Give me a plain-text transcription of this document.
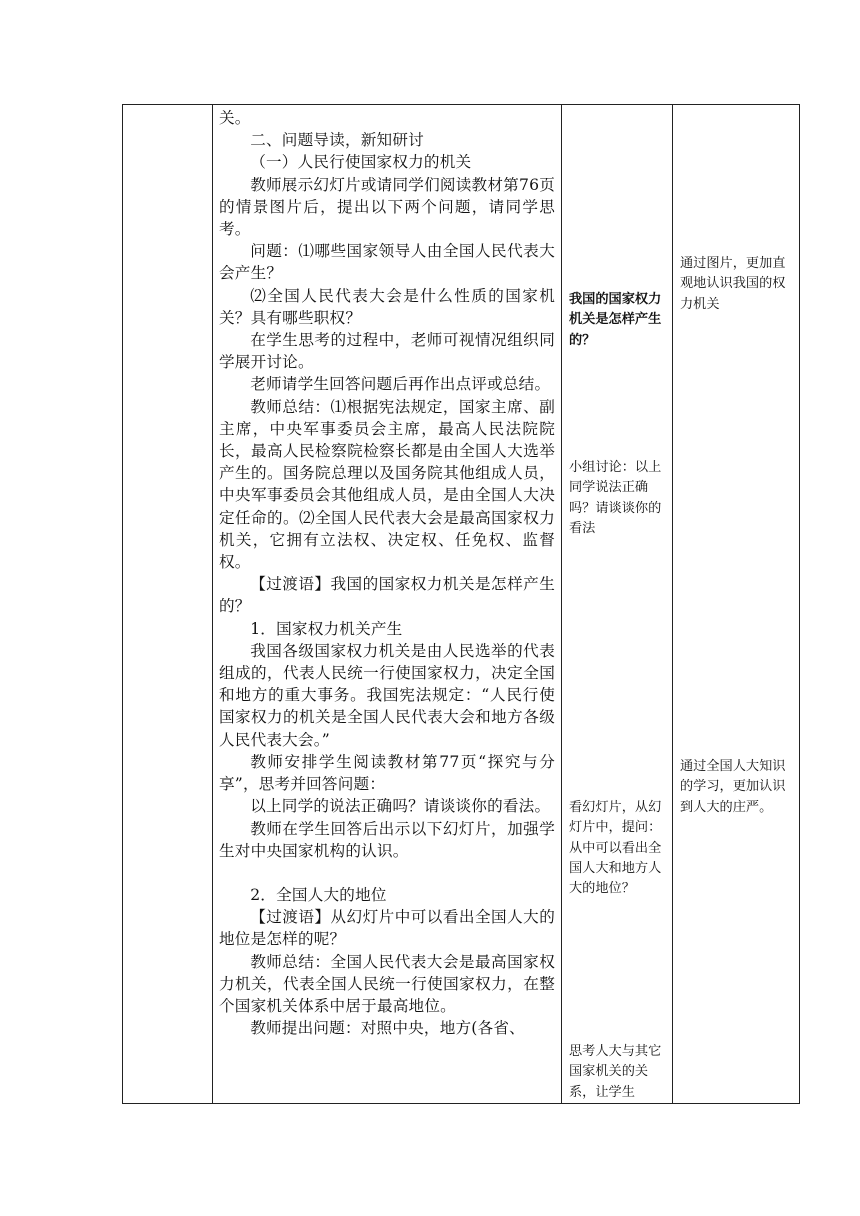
关。

二、问题导读，新知研讨

（一）人民行使国家权力的机关

教师展示幻灯片或请同学们阅读教材第76页的情景图片后，提出以下两个问题，请同学思考。

问题：⑴哪些国家领导人由全国人民代表大会产生？

⑵全国人民代表大会是什么性质的国家机关？具有哪些职权？

在学生思考的过程中，老师可视情况组织同学展开讨论。

老师请学生回答问题后再作出点评或总结。

教师总结：⑴根据宪法规定，国家主席、副主席，中央军事委员会主席，最高人民法院院长，最高人民检察院检察长都是由全国人大选举产生的。国务院总理以及国务院其他组成人员，中央军事委员会其他组成人员，是由全国人大决定任命的。⑵全国人民代表大会是最高国家权力机关，它拥有立法权、决定权、任免权、监督权。

【过渡语】我国的国家权力机关是怎样产生的？

1．国家权力机关产生

我国各级国家权力机关是由人民选举的代表组成的，代表人民统一行使国家权力，决定全国和地方的重大事务。我国宪法规定：“人民行使国家权力的机关是全国人民代表大会和地方各级人民代表大会。”

教师安排学生阅读教材第77页“探究与分享”，思考并回答问题：

以上同学的说法正确吗？请谈谈你的看法。

教师在学生回答后出示以下幻灯片，加强学生对中央国家机构的认识。

2．全国人大的地位

【过渡语】从幻灯片中可以看出全国人大的地位是怎样的呢？

教师总结：全国人民代表大会是最高国家权力机关，代表全国人民统一行使国家权力，在整个国家机关体系中居于最高地位。

教师提出问题：对照中央，地方(各省、

我国的国家权力机关是怎样产生的？

小组讨论：以上同学说法正确吗？请谈谈你的看法

看幻灯片，从幻灯片中，提问：从中可以看出全国人大和地方人大的地位？

思考人大与其它国家机关的关系，让学生

通过图片，更加直观地认识我国的权力机关

通过全国人大知识的学习，更加认识到人大的庄严。
